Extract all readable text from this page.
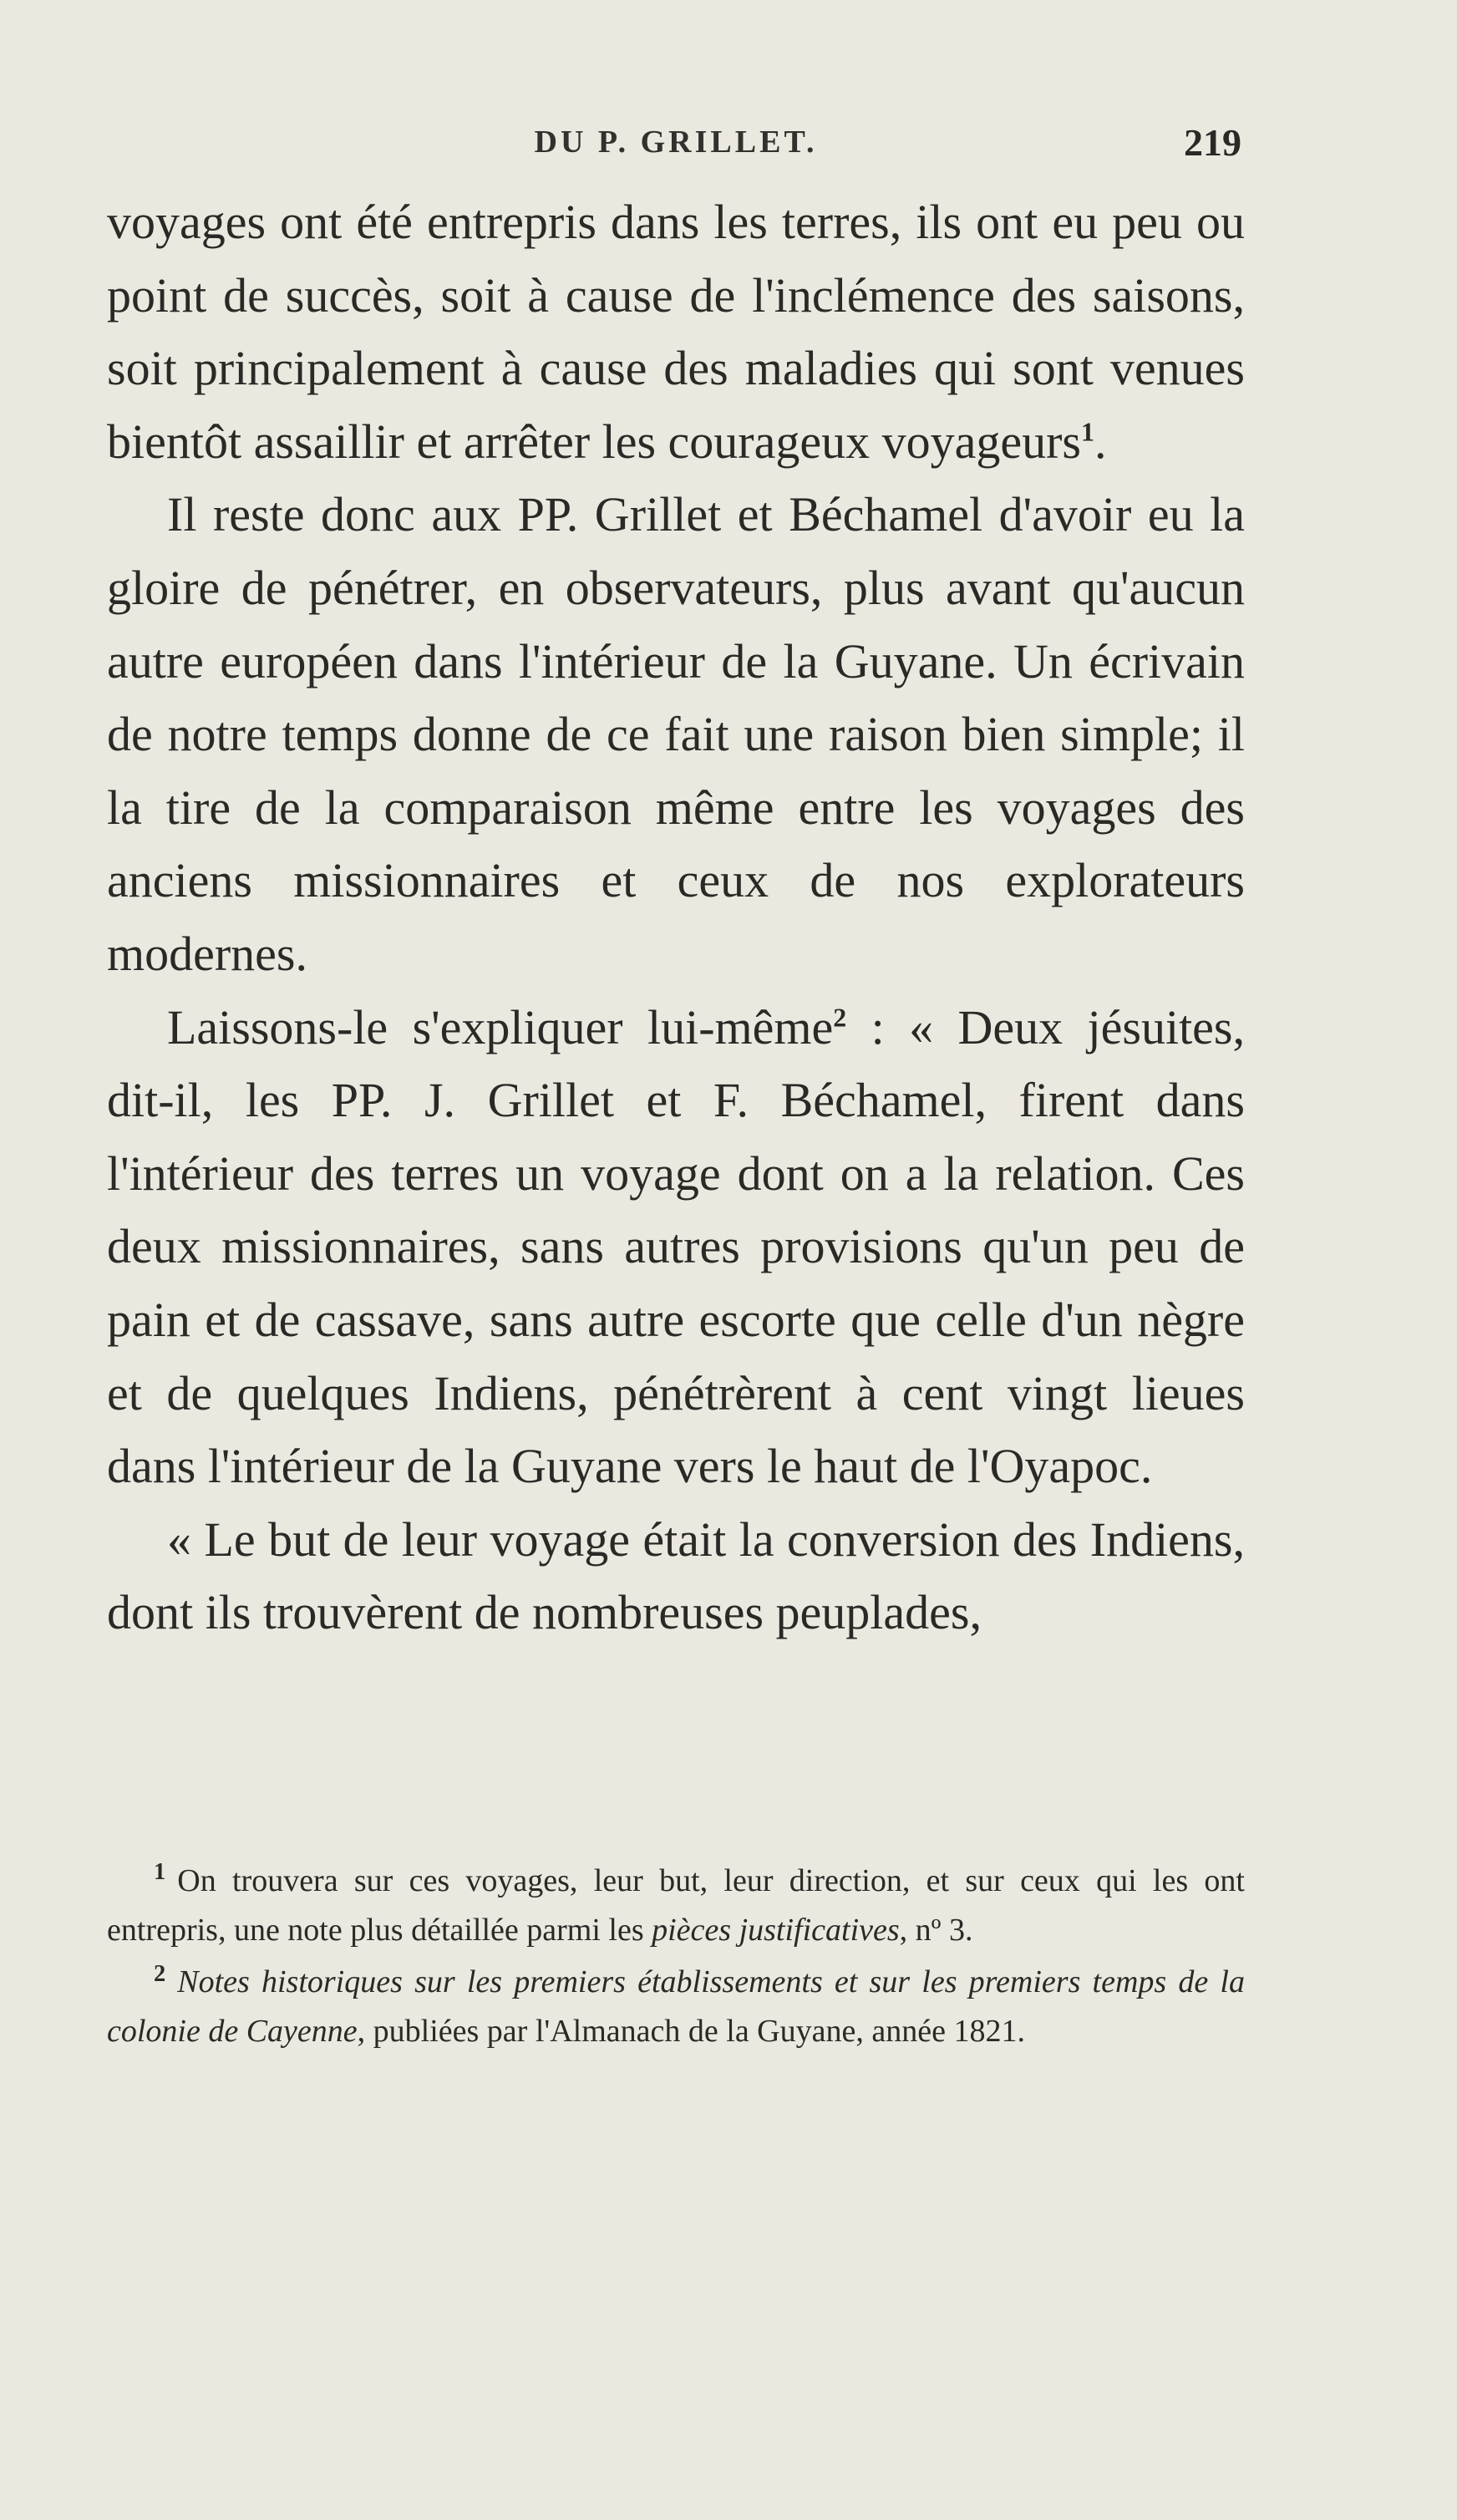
DU P. GRILLET.	219

voyages ont été entrepris dans les terres, ils ont eu peu ou point de succès, soit à cause de l'inclémence des saisons, soit principalement à cause des maladies qui sont venues bientôt assaillir et arrêter les courageux voyageurs$^1$.

Il reste donc aux PP. Grillet et Béchamel d'avoir eu la gloire de pénétrer, en observateurs, plus avant qu'aucun autre européen dans l'intérieur de la Guyane. Un écrivain de notre temps donne de ce fait une raison bien simple; il la tire de la comparaison même entre les voyages des anciens missionnaires et ceux de nos explorateurs modernes.

Laissons-le s'expliquer lui-même$^2$ : « Deux jésuites, dit-il, les PP. J. Grillet et F. Béchamel, firent dans l'intérieur des terres un voyage dont on a la relation. Ces deux missionnaires, sans autres provisions qu'un peu de pain et de cassave, sans autre escorte que celle d'un nègre et de quelques Indiens, pénétrèrent à cent vingt lieues dans l'intérieur de la Guyane vers le haut de l'Oyapoc.

« Le but de leur voyage était la conversion des Indiens, dont ils trouvèrent de nombreuses peuplades,

$^1$ On trouvera sur ces voyages, leur but, leur direction, et sur ceux qui les ont entrepris, une note plus détaillée parmi les pièces justificatives, nº 3.

$^2$ Notes historiques sur les premiers établissements et sur les premiers temps de la colonie de Cayenne, publiées par l'Almanach de la Guyane, année 1821.
